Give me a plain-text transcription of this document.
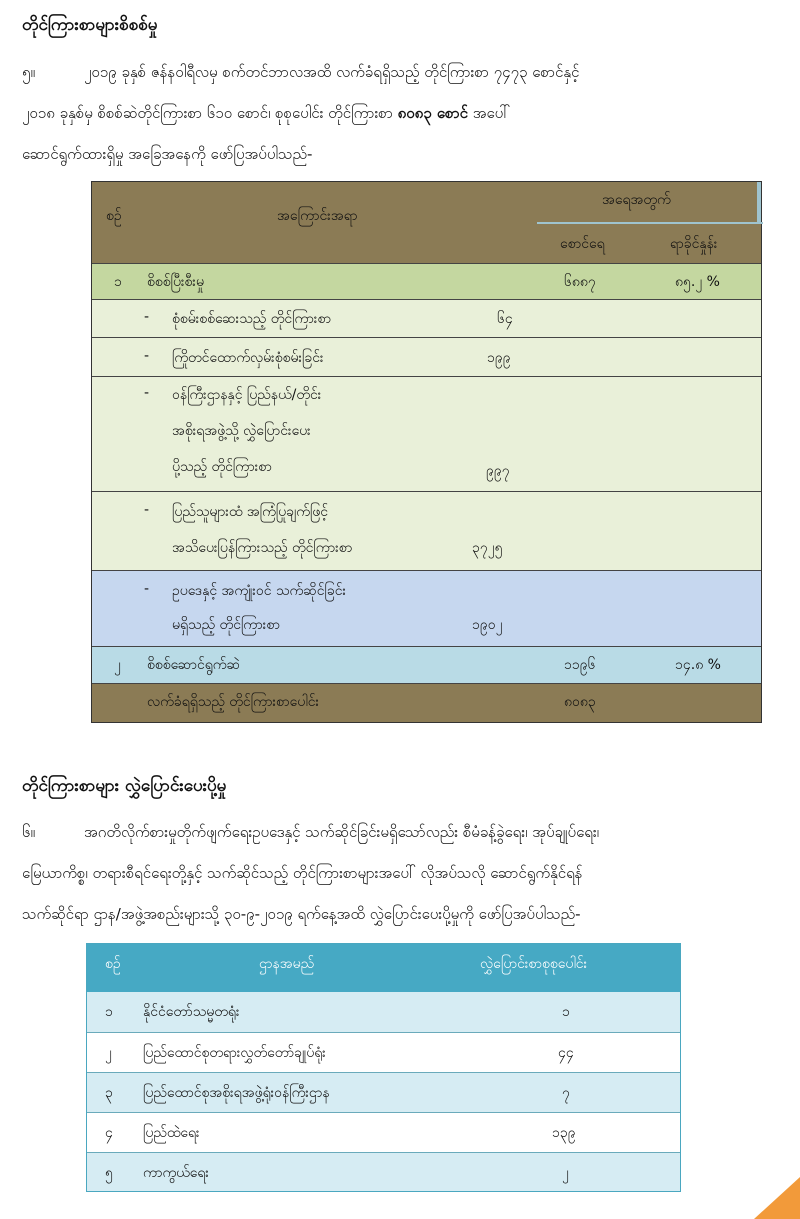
တိုင်ကြားစာများစိစစ်မှု
၅။	၂၀၁၉ ခုနှစ် ဇန်နဝါရီလမှ စက်တင်ဘာလအထိ လက်ခံရရှိသည့် တိုင်ကြားစာ ၇၄၇၃ စောင်နှင့်
၂၀၁၈ ခုနှစ်မှ စိစစ်ဆဲတိုင်ကြားစာ ၆၁၀ စောင်၊ စုစုပေါင်း တိုင်ကြားစာ ၈၀၈၃ စောင် အပေါ်
ဆောင်ရွက်ထားရှိမှု အခြေအနေကို ဖော်ပြအပ်ပါသည်-
စဉ်	အကြောင်းအရာ
အရေအတွက်
စောင်ရေ	ရာခိုင်နှုန်း
၁ စိစစ်ပြီးစီးမှု	၆၈၈၇	၈၅.၂ %
- စုံစမ်းစစ်ဆေးသည့် တိုင်ကြားစာ	၆၄
- ကြိုတင်ထောက်လှမ်းစုံစမ်းခြင်း	၁၉၉
- ဝန်ကြီးဌာနနှင့် ပြည်နယ်/တိုင်း
အစိုးရအဖွဲ့သို့ လွှဲပြောင်းပေး
ပို့သည့် တိုင်ကြားစာ	၉၉၇
- ပြည်သူများထံ အကြံပြုချက်ဖြင့်
အသိပေးပြန်ကြားသည့် တိုင်ကြားစာ	၃၇၂၅
- ဥပဒေနှင့် အကျုံးဝင် သက်ဆိုင်ခြင်း
မရှိသည့် တိုင်ကြားစာ	၁၉၀၂
၂ စိစစ်ဆောင်ရွက်ဆဲ	၁၁၉၆	၁၄.၈ %
လက်ခံရရှိသည့် တိုင်ကြားစာပေါင်း	၈၀၈၃
တိုင်ကြားစာများ လွှဲပြောင်းပေးပို့မှု
၆။	အဂတိလိုက်စားမှုတိုက်ဖျက်ရေးဥပဒေနှင့် သက်ဆိုင်ခြင်းမရှိသော်လည်း စီမံခန့်ခွဲရေး၊ အုပ်ချုပ်ရေး၊
မြေယာကိစ္စ၊ တရားစီရင်ရေးတို့နှင့် သက်ဆိုင်သည့် တိုင်ကြားစာများအပေါ် လိုအပ်သလို ဆောင်ရွက်နိုင်ရန်
သက်ဆိုင်ရာ ဌာန/အဖွဲ့အစည်းများသို့ ၃၀-၉-၂၀၁၉ ရက်နေ့အထိ လွှဲပြောင်းပေးပို့မှုကို ဖော်ပြအပ်ပါသည်-
စဉ်	ဌာနအမည်	လွှဲပြောင်းစာစုစုပေါင်း
၁ နိုင်ငံတော်သမ္မတရုံး	၁
၂ ပြည်ထောင်စုတရားလွှတ်တော်ချုပ်ရုံး	၄၄
၃ ပြည်ထောင်စုအစိုးရအဖွဲ့ရုံးဝန်ကြီးဌာန	၇
၄ ပြည်ထဲရေး	၁၃၉
၅ ကာကွယ်ရေး	၂
